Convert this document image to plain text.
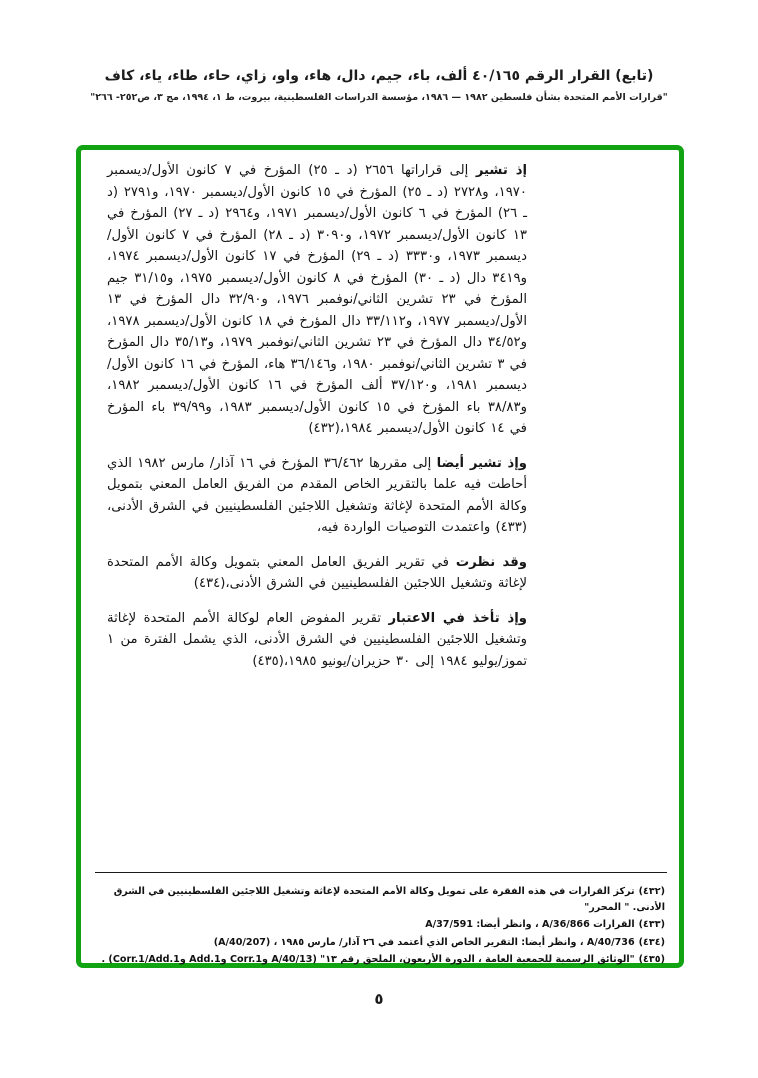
(تابع) القرار الرقم ٤٠/١٦٥ ألف، باء، جيم، دال، هاء، واو، زاي، حاء، طاء، ياء، كاف
"قرارات الأمم المتحدة بشأن فلسطين ١٩٨٢ — ١٩٨٦، مؤسسة الدراسات الفلسطينية، بيروت، ط ١، ١٩٩٤، مج ٣، ص٢٥٢- ٢٦٦"

إذ تشير إلى قراراتها ٢٦٥٦ (د ـ ٢٥) المؤرخ في ٧ كانون الأول/ديسمبر ١٩٧٠، و٢٧٢٨ (د ـ ٢٥) المؤرخ في ١٥ كانون الأول/ديسمبر ١٩٧٠، و٢٧٩١ (د ـ ٢٦) المؤرخ في ٦ كانون الأول/ديسمبر ١٩٧١، و٢٩٦٤ (د ـ ٢٧) المؤرخ في ١٣ كانون الأول/ديسمبر ١٩٧٢، و٣٠٩٠ (د ـ ٢٨) المؤرخ في ٧ كانون الأول/ديسمبر ١٩٧٣، و٣٣٣٠ (د ـ ٢٩) المؤرخ في ١٧ كانون الأول/ديسمبر ١٩٧٤، و٣٤١٩ دال (د ـ ٣٠) المؤرخ في ٨ كانون الأول/ديسمبر ١٩٧٥، و٣١/١٥ جيم المؤرخ في ٢٣ تشرين الثاني/نوفمبر ١٩٧٦، و٣٢/٩٠ دال المؤرخ في ١٣ الأول/ديسمبر ١٩٧٧، و٣٣/١١٢ دال المؤرخ في ١٨ كانون الأول/ديسمبر ١٩٧٨، و٣٤/٥٢ دال المؤرخ في ٢٣ تشرين الثاني/نوفمبر ١٩٧٩، و٣٥/١٣ دال المؤرخ في ٣ تشرين الثاني/نوفمبر ١٩٨٠، و٣٦/١٤٦ هاء، المؤرخ في ١٦ كانون الأول/ديسمبر ١٩٨١، و٣٧/١٢٠ ألف المؤرخ في ١٦ كانون الأول/ديسمبر ١٩٨٢، و٣٨/٨٣ باء المؤرخ في ١٥ كانون الأول/ديسمبر ١٩٨٣، و٣٩/٩٩ باء المؤرخ في ١٤ كانون الأول/ديسمبر ١٩٨٤،(٤٣٢)

وإذ تشير أيضا إلى مقررها ٣٦/٤٦٢ المؤرخ في ١٦ آذار/ مارس ١٩٨٢ الذي أحاطت فيه علما بالتقرير الخاص المقدم من الفريق العامل المعني بتمويل وكالة الأمم المتحدة لإغاثة وتشغيل اللاجئين الفلسطينيين في الشرق الأدنى،(٤٣٣) واعتمدت التوصيات الواردة فيه،

وقد نظرت في تقرير الفريق العامل المعني بتمويل وكالة الأمم المتحدة لإغاثة وتشغيل اللاجئين الفلسطينيين في الشرق الأدنى،(٤٣٤)

وإذ تأخذ في الاعتبار تقرير المفوض العام لوكالة الأمم المتحدة لإغاثة وتشغيل اللاجئين الفلسطينيين في الشرق الأدنى، الذي يشمل الفترة من ١ تموز/يوليو ١٩٨٤ إلى ٣٠ حزيران/يونيو ١٩٨٥،(٤٣٥)

(٤٣٢)تركز القرارات في هذه الفقرة على تمويل وكالة الأمم المتحدة لإغاثة وتشغيل اللاجئين الفلسطينيين في الشرق الأدنى. " المحرر"
(٤٣٣)القرارات A/36/866 ، وانظر أيضا: A/37/591
(٤٣٤)A/40/736 ، وانظر أيضا: التقرير الخاص الذي أعتمد في ٢٦ آذار/ مارس ١٩٨٥ ، (A/40/207)
(٤٣٥)"الوثائق الرسمية للجمعية العامة ، الدورة الأربعون، الملحق رقم ١٣" (A/40/13 وCorr.1 وAdd.1 وCorr.1/Add.1) .
٥
